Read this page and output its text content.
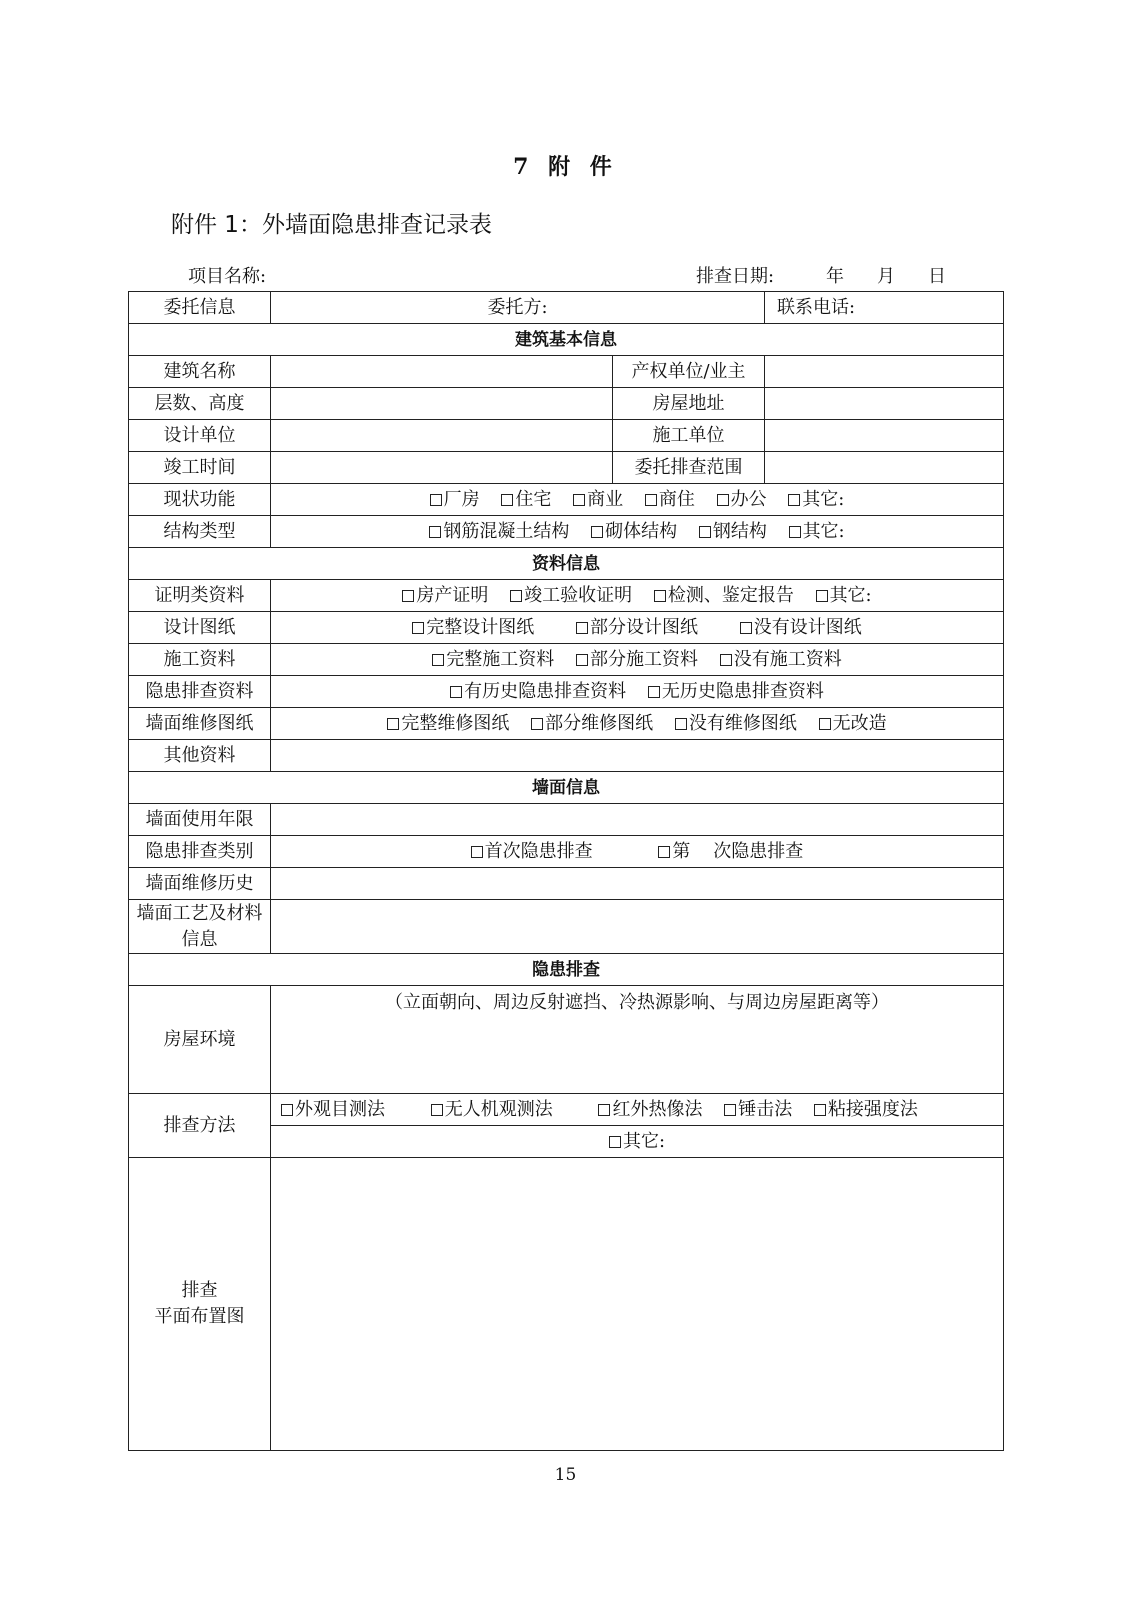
7 附 件
附件 1：外墙面隐患排查记录表
项目名称:	排查日期:	年 月 日
委托信息	委托方:		联系电话:
建筑基本信息			
建筑名称		产权单位/业主	
层数、高度		房屋地址	
设计单位		施工单位	
竣工时间		委托排查范围	
现状功能	厂房 住宅 商业 商住 办公 其它:		
结构类型	钢筋混凝土结构 砌体结构 钢结构 其它:		
资料信息			
证明类资料	房产证明 竣工验收证明 检测、鉴定报告 其它:		
设计图纸	完整设计图纸 部分设计图纸 没有设计图纸		
施工资料	完整施工资料 部分施工资料 没有施工资料		
隐患排查资料	有历史隐患排查资料 无历史隐患排查资料		
墙面维修图纸	完整维修图纸 部分维修图纸 没有维修图纸 无改造		
其他资料			
墙面信息			
墙面使用年限			
隐患排查类别	首次隐患排查 第    次隐患排查		
墙面维修历史			
墙面工艺及材料信息			
隐患排查			
房屋环境	（立面朝向、周边反射遮挡、冷热源影响、与周边房屋距离等）		
排查方法	外观目测法 无人机观测法 红外热像法 锤击法 粘接强度法		
	其它:		
排查
平面布置图			
15
